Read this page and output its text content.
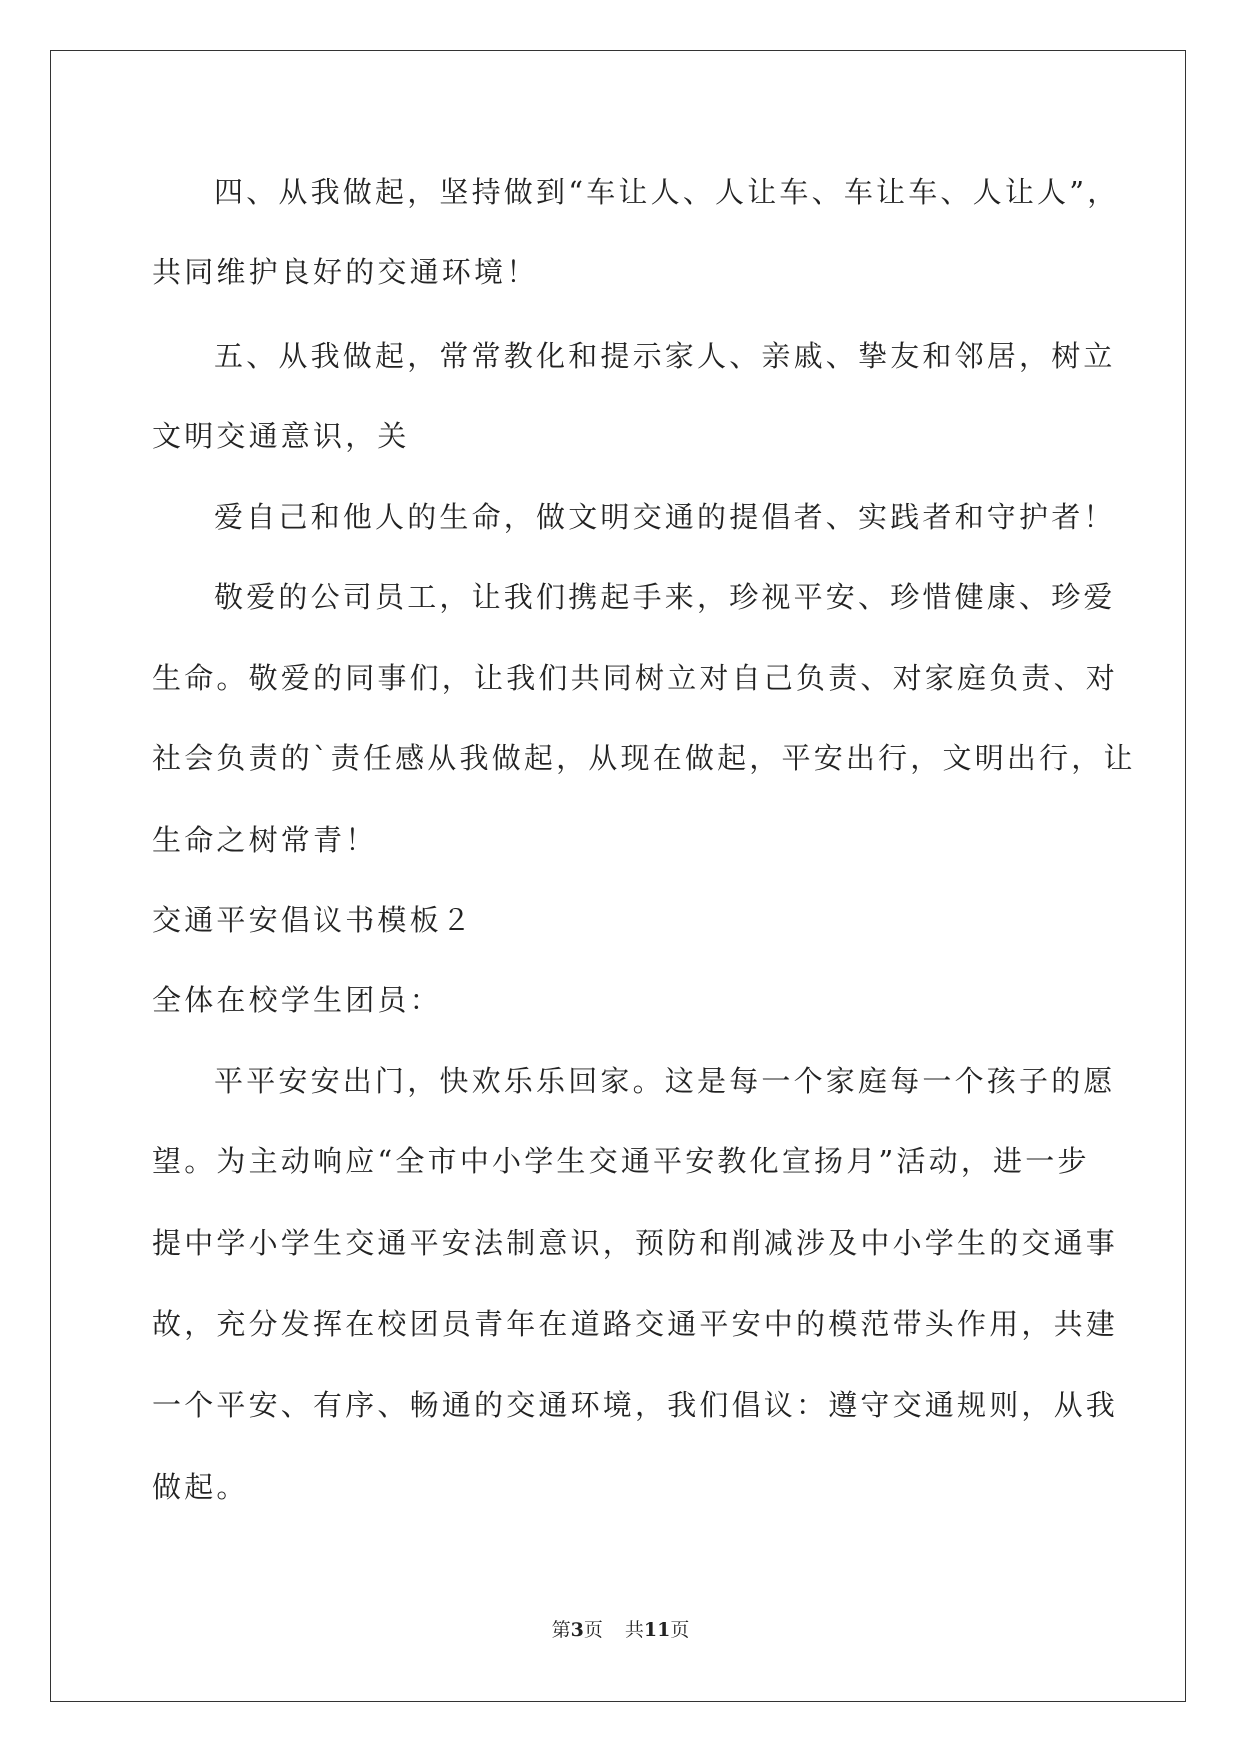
四、从我做起，坚持做到“车让人、人让车、车让车、人让人”，
共同维护良好的交通环境！
五、从我做起，常常教化和提示家人、亲戚、挚友和邻居，树立
文明交通意识，关
爱自己和他人的生命，做文明交通的提倡者、实践者和守护者！
敬爱的公司员工，让我们携起手来，珍视平安、珍惜健康、珍爱
生命。敬爱的同事们，让我们共同树立对自己负责、对家庭负责、对
社会负责的`责任感从我做起，从现在做起，平安出行，文明出行，让
生命之树常青！
交通平安倡议书模板２
全体在校学生团员：
平平安安出门，快欢乐乐回家。这是每一个家庭每一个孩子的愿
望。为主动响应“全市中小学生交通平安教化宣扬月”活动，进一步
提中学小学生交通平安法制意识，预防和削减涉及中小学生的交通事
故，充分发挥在校团员青年在道路交通平安中的模范带头作用，共建
一个平安、有序、畅通的交通环境，我们倡议：遵守交通规则，从我
做起。
第3页 共11页
